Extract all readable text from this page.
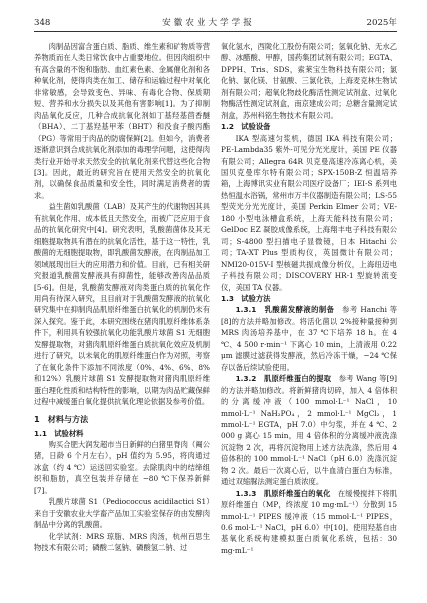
348	安徽农业大学学报	2025年

肉制品因富含蛋白质、脂质、维生素和矿物质等营养物质而在人类日常饮食中占重要地位。但因肉组织中有高含量的不饱和脂肪、血红素色素、金属催化剂和各种氧化剂，使得肉类在加工、储存和运输过程中对氧化非常敏感，会导致变色、异味、有毒化合物、保质期短、营养和水分损失以及其他有害影响[1]。为了抑制肉品氧化反应，几种合成抗氧化剂如丁基羟基茴香醚（BHA）、二丁基羟基甲苯（BHT）和没食子酸丙酯（PG）等常用于肉品的防腐保鲜[2]。但如今，消费者逐渐意识到合成抗氧化剂添加的毒理学问题，这使得肉类行业开始寻求天然安全的抗氧化剂来代替这些化合物[3]。因此，最近的研究旨在使用天然安全的抗氧化剂，以确保食品质量和安全性，同时满足消费者的需求。

益生菌如乳酸菌（LAB）及其产生的代谢物因其具有抗氧化作用、成本低且天然安全，而被广泛应用于食品的抗氧化研究中[4]。研究表明，乳酸菌菌体及其无细胞提取物具有潜在的抗氧化活性，基于这一特性，乳酸菌的无细胞提取物，即乳酸菌发酵液，在肉制品加工领域展现出巨大的应用潜力和价值。目前，已有相关研究报道乳酸菌发酵液具有抑菌性，能够改善肉品品质[5-6]。但是，乳酸菌发酵液对肉类蛋白质的抗氧化作用尚有待深入研究，且目前对于乳酸菌发酵液的抗氧化研究集中在抑制肉品肌原纤维蛋白抗氧化的机制仍未有深入探究。鉴于此，本研究围绕在猪肉肌原纤维体系条件下，利用具有较强抗氧化功能乳酸片球菌 S1 无细胞发酵提取物，对猪肉肌原纤维蛋白质抗氧化效应及机制进行了研究，以未氧化的肌原纤维蛋白作为对照，考察了在氧化条件下添加不同浓度（0%、4%、6%、8%和12%）乳酸片球菌 S1 发酵提取物对猪肉肌原纤维蛋白理化性质和结构特性的影响，以期为肉品贮藏保鲜过程中减缓蛋白氧化提供抗氧化理论依据及参考价值。

1　材料与方法
1.1　试验材料

购买合肥大润发超市当日新鲜的白猪里脊肉（阉公猪，日龄 6 个月左右），pH 值约为 5.95，将肉通过冰盒（约 4 ℃）运送回实验室。去除肌肉中的结缔组织和脂肪，真空包装并存储在 −80 ℃下保养新鲜[7]。

乳酸片球菌 S1（Pediococcus acidilactici S1）来自于安徽农业大学畜产品加工实验室保存的由发酵肉制品中分离的乳酸菌。

化学试剂：MRS 琼脂、MRS 肉汤，杭州百思生物技术有限公司；磷酸二氢钠、磷酸氢二钠、过

氧化氢水，西陇化工股份有限公司；氢氧化钠、无水乙醇、冰醋酸、甲醇，国药集团试剂有限公司；EGTA、DPPH、Tris、SDS，索莱宝生物科技有限公司；氯化钠、氯化镁、甘氨酸、三氯化铁，上海麦克林生物试剂有限公司；超氧化物歧化酶活性测定试剂盒、过氧化物酶活性测定试剂盒，南京建成公司；总糖含量测定试剂盒，苏州科铭生物技术有限公司。

1.2　试验设备

IKA 型高速匀浆机，德国 IKA 科技有限公司；PE-Lambda35 紫外-可见分光光度计，美国 PE 仪器有限公司；Allegra 64R 贝克曼高速冷冻离心机，美国贝克曼库尔特有限公司；SPX-150B-Z 恒温培养箱，上海博讯实业有限公司医疗设备厂；IEI-S 系列电热恒温水浴锅，常州市万丰仪器制造有限公司；LS-55 型荧光分光光度计，美国 Perkin Elmer 公司；VE-180 小型电泳槽盒系统，上海天能科技有限公司；GelDoc EZ 凝胶成像系统，上海翔丰电子科技有限公司；S-4800 型扫描电子显微镜，日本 Hitachi 公司；TA-XT Plus 型质构仪，英国微计有限公司；NMI20-015V-I 型核磁共振成像分析仪，上海纽迈电子科技有限公司；DISCOVERY HR-1 型旋转流变仪，美国 TA 仪器。

1.3　试验方法

1.3.1　乳酸菌发酵液的制备　 参考 Hanchi 等[8]的方法并略加修改。将活化菌以 2%接种量接种到 MRS 肉汤培养基中，在 37 ℃下培养 18 h。在 4 ℃、4 500 r·min⁻¹ 下离心 10 min，上清液用 0.22 μm 滤膜过滤获得发酵液，然后冷冻干燥，−24 ℃保存以备后续试验使用。

1.3.2　肌原纤维蛋白的提取　 参考 Wang 等[9]的方法并略加修改。将新鲜猪肉切碎，加入 4 倍体积的分离缓冲液（100 mmol·L⁻¹ NaCl，10 mmol·L⁻¹ NaH₂PO₄，2 mmol·L⁻¹ MgCl₂，1 mmol·L⁻¹ EGTA，pH 7.0）中匀浆，并在 4 ℃、2 000 g 离心 15 min，用 4 倍体积的分离缓冲液洗涤沉淀物 2 次，再将沉淀物用上述方法洗涤，然后用 4 倍体积的 100 mmol·L⁻¹ NaCl（pH 6.0）洗涤沉淀物 2 次。最后一次离心后，以牛血清白蛋白为标准，通过双缩脲法测定蛋白质浓度。

1.3.3　肌原纤维蛋白的氧化　 在缓慢搅拌下将肌原纤维蛋白（MP，终浓度 10 mg·mL⁻¹）分散到 15 mmol·L⁻¹ PIPES 缓冲液（15 mmol·L⁻¹ PIPES，0.6 mol·L⁻¹ NaCl，pH 6.0）中[10]。使用羟基自由基氧化系统构建模拟蛋白质氧化系统，包括：30 mg·mL⁻¹
